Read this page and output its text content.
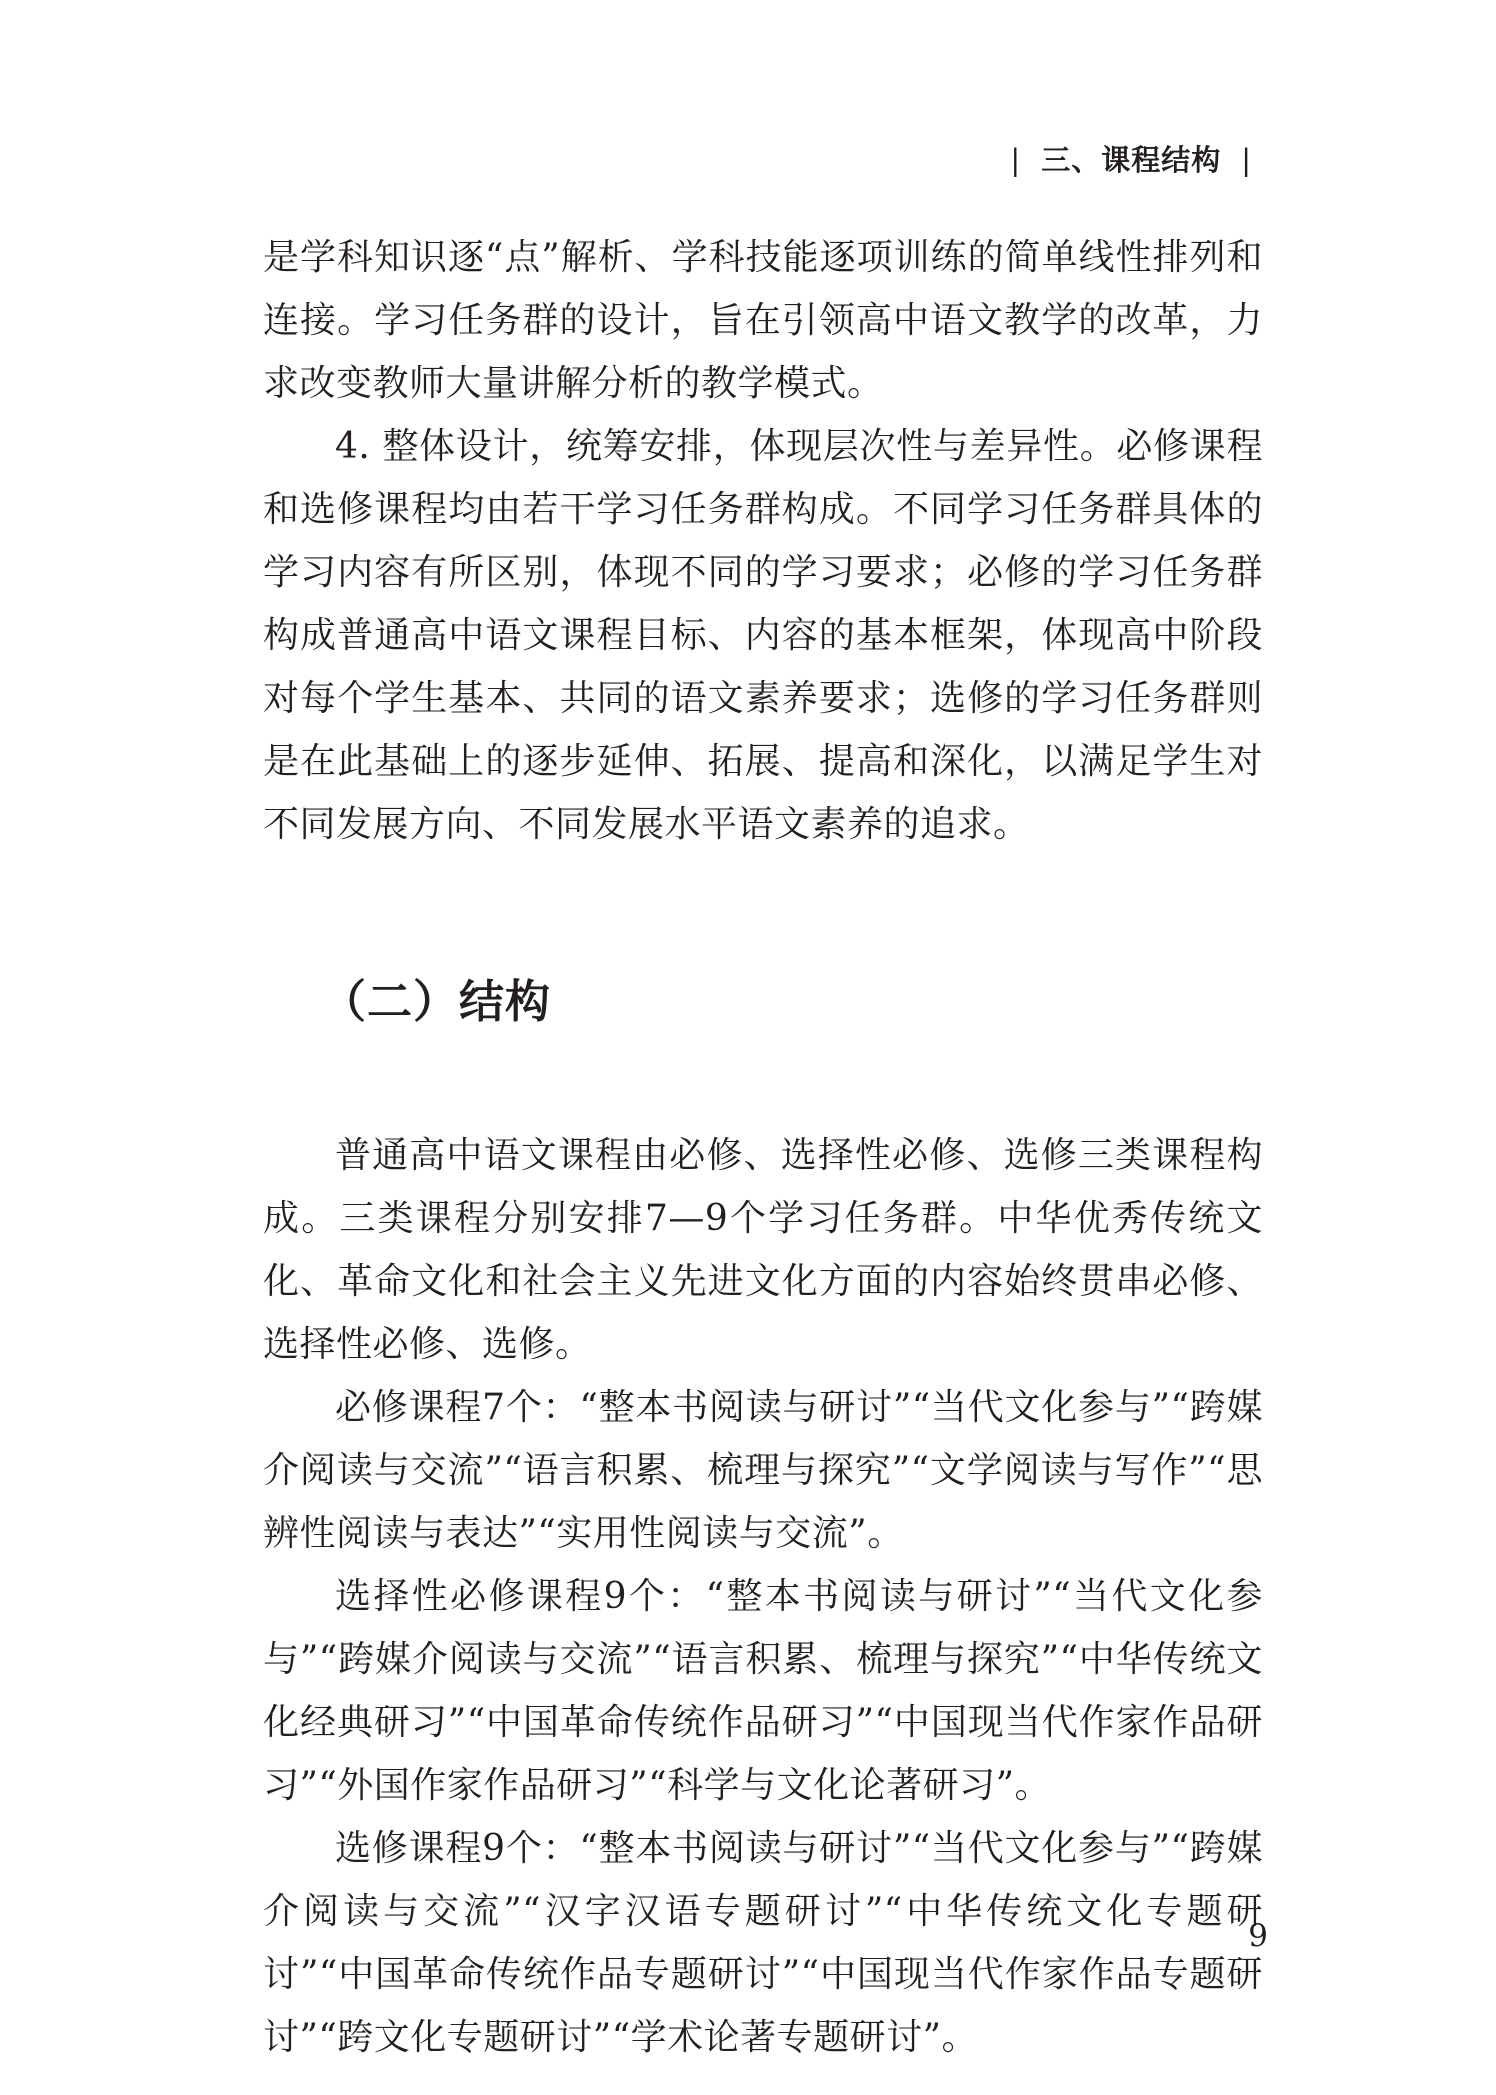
| 三、课程结构 |

是学科知识逐“点”解析、学科技能逐项训练的简单线性排列和连接。学习任务群的设计，旨在引领高中语文教学的改革，力求改变教师大量讲解分析的教学模式。

4. 整体设计，统筹安排，体现层次性与差异性。必修课程和选修课程均由若干学习任务群构成。不同学习任务群具体的学习内容有所区别，体现不同的学习要求；必修的学习任务群构成普通高中语文课程目标、内容的基本框架，体现高中阶段对每个学生基本、共同的语文素养要求；选修的学习任务群则是在此基础上的逐步延伸、拓展、提高和深化，以满足学生对不同发展方向、不同发展水平语文素养的追求。

（二）结构

普通高中语文课程由必修、选择性必修、选修三类课程构成。三类课程分别安排7—9个学习任务群。中华优秀传统文化、革命文化和社会主义先进文化方面的内容始终贯串必修、选择性必修、选修。

必修课程7个：“整本书阅读与研讨”“当代文化参与”“跨媒介阅读与交流”“语言积累、梳理与探究”“文学阅读与写作”“思辨性阅读与表达”“实用性阅读与交流”。

选择性必修课程9个：“整本书阅读与研讨”“当代文化参与”“跨媒介阅读与交流”“语言积累、梳理与探究”“中华传统文化经典研习”“中国革命传统作品研习”“中国现当代作家作品研习”“外国作家作品研习”“科学与文化论著研习”。

选修课程9个：“整本书阅读与研讨”“当代文化参与”“跨媒介阅读与交流”“汉字汉语专题研讨”“中华传统文化专题研讨”“中国革命传统作品专题研讨”“中国现当代作家作品专题研讨”“跨文化专题研讨”“学术论著专题研讨”。

9
